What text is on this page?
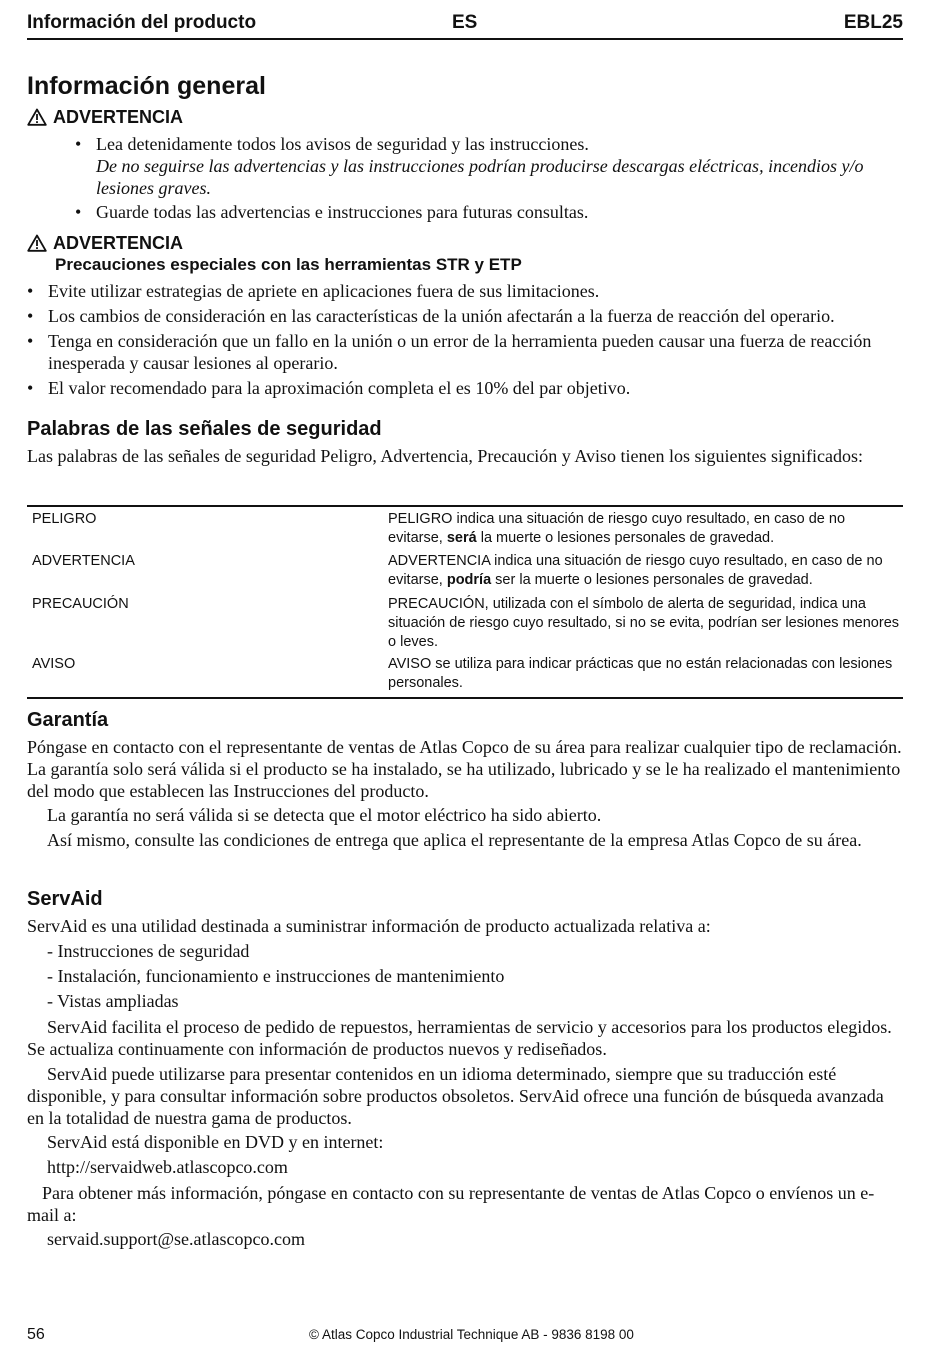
Información del producto	ES	EBL25
Información general
ADVERTENCIA
• Lea detenidamente todos los avisos de seguridad y las instrucciones.
De no seguirse las advertencias y las instrucciones podrían producirse descargas eléctricas, incendios y/o lesiones graves.
• Guarde todas las advertencias e instrucciones para futuras consultas.
ADVERTENCIA
Precauciones especiales con las herramientas STR y ETP
• Evite utilizar estrategias de apriete en aplicaciones fuera de sus limitaciones.
• Los cambios de consideración en las características de la unión afectarán a la fuerza de reacción del operario.
• Tenga en consideración que un fallo en la unión o un error de la herramienta pueden causar una fuerza de reacción inesperada y causar lesiones al operario.
• El valor recomendado para la aproximación completa el es 10% del par objetivo.
Palabras de las señales de seguridad
Las palabras de las señales de seguridad Peligro, Advertencia, Precaución y Aviso tienen los siguientes significados:
PELIGRO	PELIGRO indica una situación de riesgo cuyo resultado, en caso de no evitarse, será la muerte o lesiones personales de gravedad.
ADVERTENCIA	ADVERTENCIA indica una situación de riesgo cuyo resultado, en caso de no evitarse, podría ser la muerte o lesiones personales de gravedad.
PRECAUCIÓN	PRECAUCIÓN, utilizada con el símbolo de alerta de seguridad, indica una situación de riesgo cuyo resultado, si no se evita, podrían ser lesiones menores o leves.
AVISO	AVISO se utiliza para indicar prácticas que no están relacionadas con lesiones personales.
Garantía
Póngase en contacto con el representante de ventas de Atlas Copco de su área para realizar cualquier tipo de reclamación. La garantía solo será válida si el producto se ha instalado, se ha utilizado, lubricado y se le ha realizado el mantenimiento del modo que establecen las Instrucciones del producto.
La garantía no será válida si se detecta que el motor eléctrico ha sido abierto.
Así mismo, consulte las condiciones de entrega que aplica el representante de la empresa Atlas Copco de su área.
ServAid
ServAid es una utilidad destinada a suministrar información de producto actualizada relativa a:
- Instrucciones de seguridad
- Instalación, funcionamiento e instrucciones de mantenimiento
- Vistas ampliadas
ServAid facilita el proceso de pedido de repuestos, herramientas de servicio y accesorios para los productos elegidos. Se actualiza continuamente con información de productos nuevos y rediseñados.
ServAid puede utilizarse para presentar contenidos en un idioma determinado, siempre que su traducción esté disponible, y para consultar información sobre productos obsoletos. ServAid ofrece una función de búsqueda avanzada en la totalidad de nuestra gama de productos.
ServAid está disponible en DVD y en internet:
http://servaidweb.atlascopco.com
Para obtener más información, póngase en contacto con su representante de ventas de Atlas Copco o envíenos un e-mail a:
servaid.support@se.atlascopco.com
56	© Atlas Copco Industrial Technique AB - 9836 8198 00
